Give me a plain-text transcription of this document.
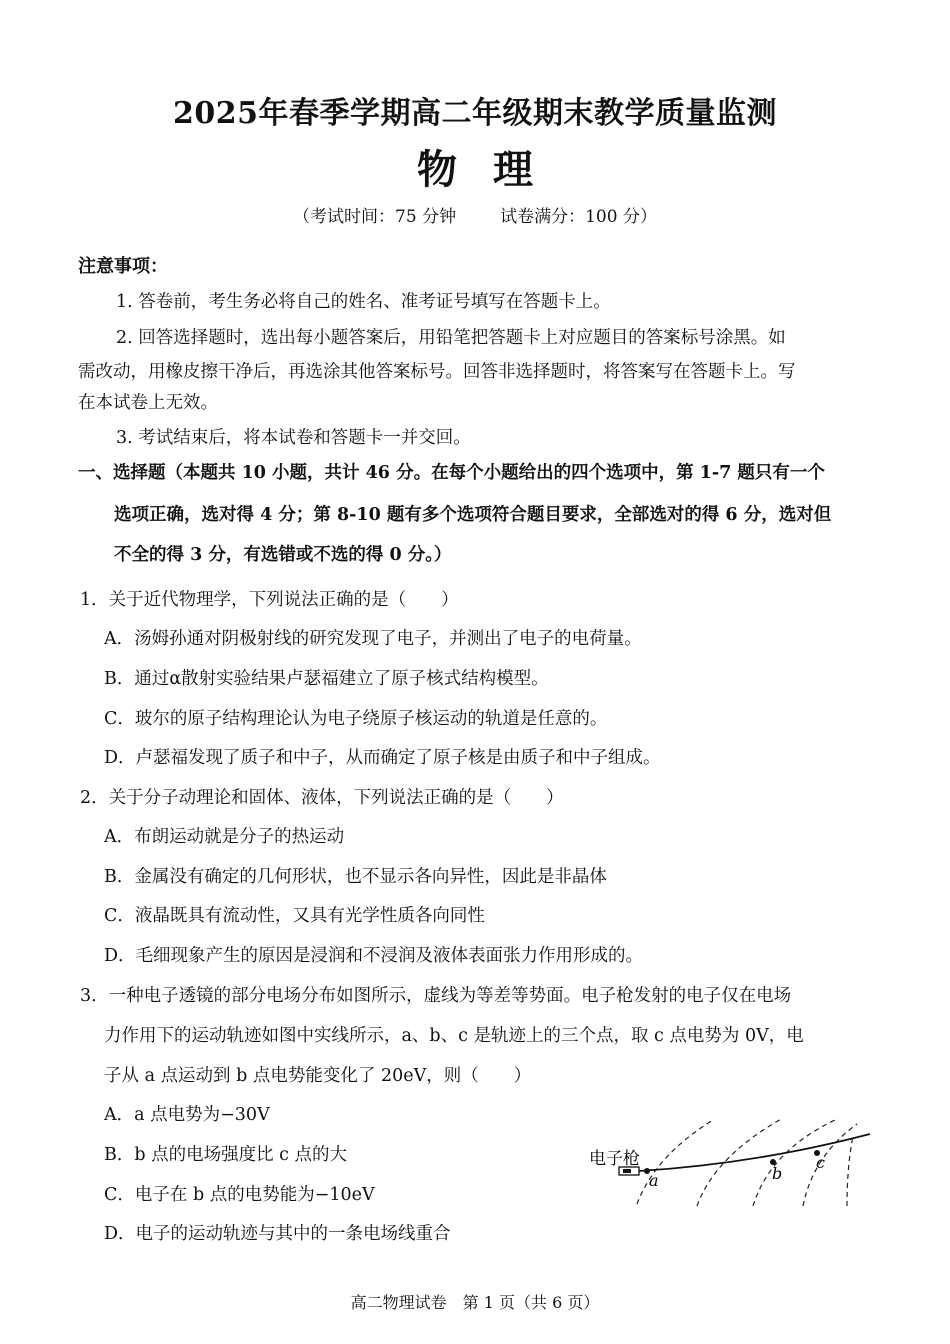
2025年春季学期高二年级期末教学质量监测
物理
（考试时间：75 分钟	试卷满分：100 分）
注意事项：
1. 答卷前，考生务必将自己的姓名、准考证号填写在答题卡上。
2. 回答选择题时，选出每小题答案后，用铅笔把答题卡上对应题目的答案标号涂黑。如
需改动，用橡皮擦干净后，再选涂其他答案标号。回答非选择题时，将答案写在答题卡上。写
在本试卷上无效。
3. 考试结束后，将本试卷和答题卡一并交回。
一、选择题（本题共 10 小题，共计 46 分。在每个小题给出的四个选项中，第 1-7 题只有一个
选项正确，选对得 4 分；第 8-10 题有多个选项符合题目要求，全部选对的得 6 分，选对但
不全的得 3 分，有选错或不选的得 0 分。）
1．关于近代物理学，下列说法正确的是（　　）
A．汤姆孙通对阴极射线的研究发现了电子，并测出了电子的电荷量。
B．通过α散射实验结果卢瑟福建立了原子核式结构模型。
C．玻尔的原子结构理论认为电子绕原子核运动的轨道是任意的。
D．卢瑟福发现了质子和中子，从而确定了原子核是由质子和中子组成。
2．关于分子动理论和固体、液体，下列说法正确的是（　　）
A．布朗运动就是分子的热运动
B．金属没有确定的几何形状，也不显示各向异性，因此是非晶体
C．液晶既具有流动性，又具有光学性质各向同性
D．毛细现象产生的原因是浸润和不浸润及液体表面张力作用形成的。
3．一种电子透镜的部分电场分布如图所示，虚线为等差等势面。电子枪发射的电子仅在电场
力作用下的运动轨迹如图中实线所示，a、b、c 是轨迹上的三个点，取 c 点电势为 0V，电
子从 a 点运动到 b 点电势能变化了 20eV，则（　　）
A．a 点电势为−30V
B．b 点的电场强度比 c 点的大
C．电子在 b 点的电势能为−10eV
D．电子的运动轨迹与其中的一条电场线重合
电子枪
a	b
c
高二物理试卷　第 1 页（共 6 页）
